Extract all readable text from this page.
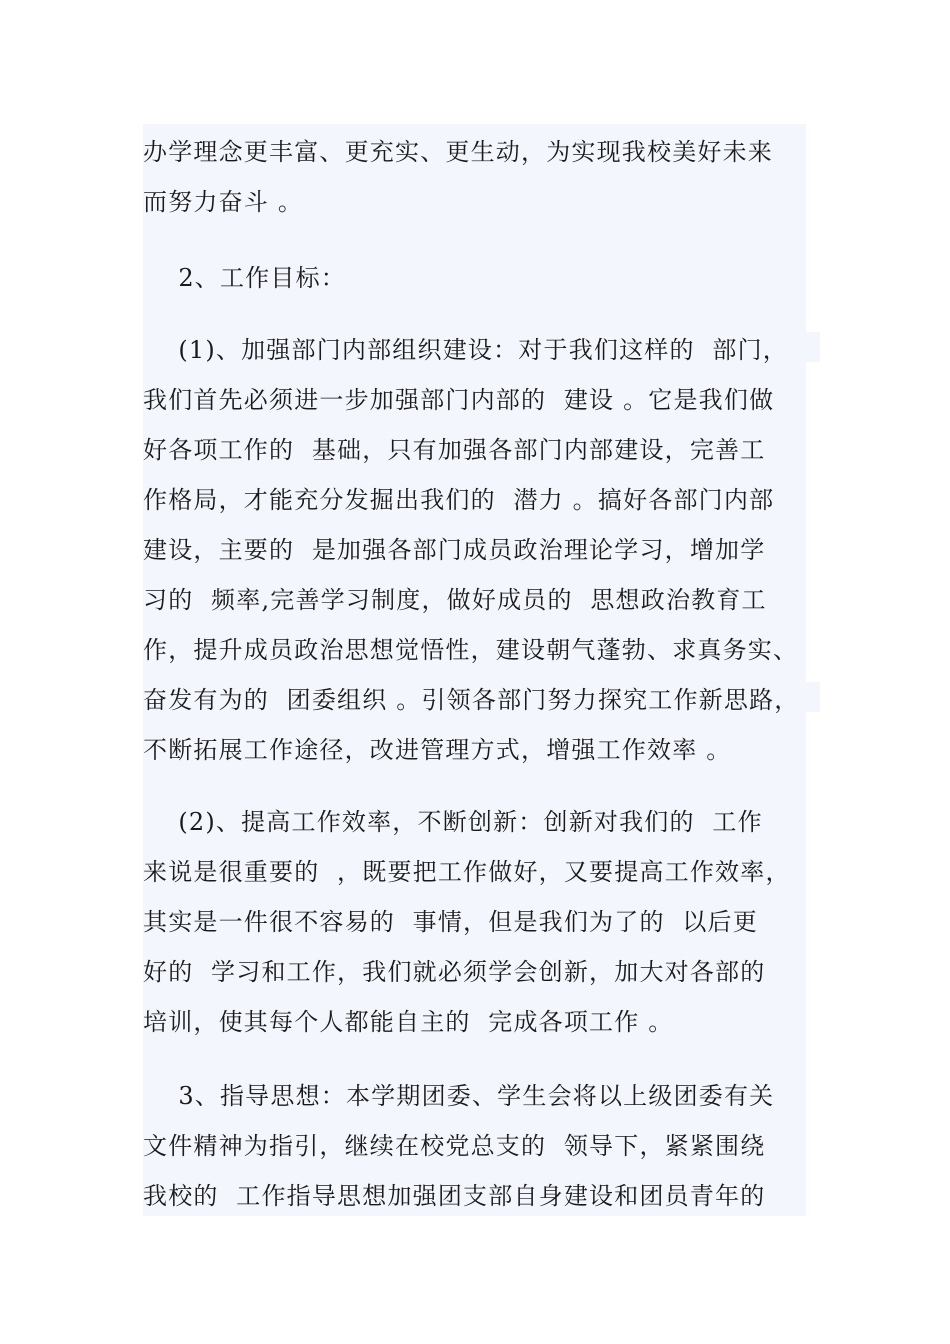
办学理念更丰富、更充实、更生动，为实现我校美好未来
而努力奋斗 。
2、工作目标：
(1)、加强部门内部组织建设：对于我们这样的  部门，
我们首先必须进一步加强部门内部的  建设 。它是我们做
好各项工作的  基础，只有加强各部门内部建设，完善工
作格局，才能充分发掘出我们的  潜力 。搞好各部门内部
建设，主要的  是加强各部门成员政治理论学习，增加学
习的  频率,完善学习制度，做好成员的  思想政治教育工
作，提升成员政治思想觉悟性，建设朝气蓬勃、求真务实、
奋发有为的  团委组织 。引领各部门努力探究工作新思路，
不断拓展工作途径，改进管理方式，增强工作效率 。
(2)、提高工作效率，不断创新：创新对我们的  工作
来说是很重要的  ，既要把工作做好，又要提高工作效率，
其实是一件很不容易的  事情，但是我们为了的  以后更
好的  学习和工作，我们就必须学会创新，加大对各部的
培训，使其每个人都能自主的  完成各项工作 。
3、指导思想：本学期团委、学生会将以上级团委有关
文件精神为指引，继续在校党总支的  领导下，紧紧围绕
我校的  工作指导思想加强团支部自身建设和团员青年的
